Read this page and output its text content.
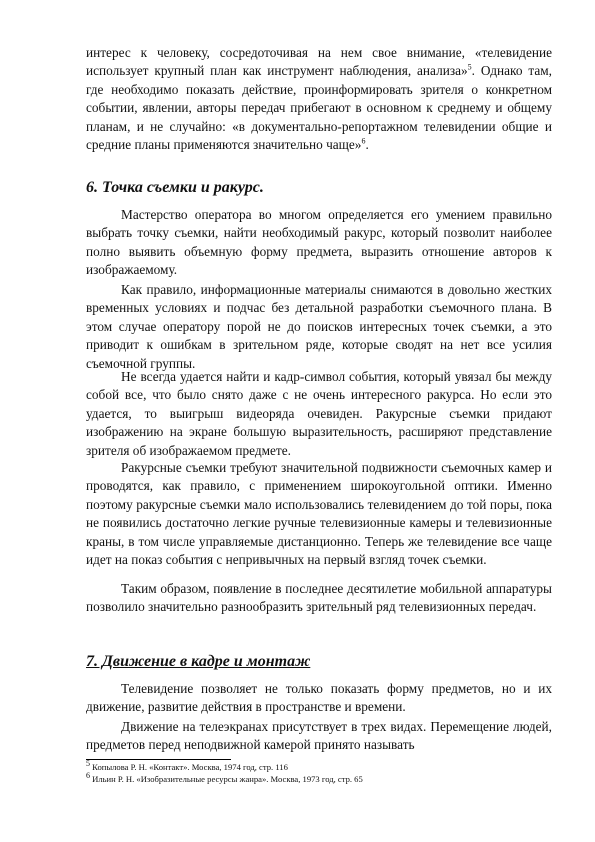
интерес к человеку, сосредоточивая на нем свое внимание, «телевидение использует крупный план как инструмент наблюдения, анализа»$^5$. Однако там, где необходимо показать действие, проинформировать зрителя о конкретном событии, явлении, авторы передач прибегают в основном к среднему и общему планам, и не случайно: «в документально-репортажном телевидении общие и средние планы применяются значительно чаще»$^6$.

6. Точка съемки и ракурс.

Мастерство оператора во многом определяется его умением правильно выбрать точку съемки, найти необходимый ракурс, который позволит наиболее полно выявить объемную форму предмета, выразить отношение авторов к изображаемому.

Как правило, информационные материалы снимаются в довольно жестких временных условиях и подчас без детальной разработки съемочного плана. В этом случае оператору порой не до поисков интересных точек съемки, а это приводит к ошибкам в зрительном ряде, которые сводят на нет все усилия съемочной группы.

Не всегда удается найти и кадр-символ события, который увязал бы между собой все, что было снято даже с не очень интересного ракурса. Но если это удается, то выигрыш видеоряда очевиден. Ракурсные съемки придают изображению на экране большую выразительность, расширяют представление зрителя об изображаемом предмете.

Ракурсные съемки требуют значительной подвижности съемочных камер и проводятся, как правило, с применением широкоугольной оптики. Именно поэтому ракурсные съемки мало использовались телевидением до той поры, пока не появились достаточно легкие ручные телевизионные камеры и телевизионные краны, в том числе управляемые дистанционно. Теперь же телевидение все чаще идет на показ события с непривычных на первый взгляд точек съемки.

Таким образом, появление в последнее десятилетие мобильной аппаратуры позволило значительно разнообразить зрительный ряд телевизионных передач.

7. Движение в кадре и монтаж

Телевидение позволяет не только показать форму предметов, но и их движение, развитие действия в пространстве и времени.

Движение на телеэкранах присутствует в трех видах. Перемещение людей, предметов перед неподвижной камерой принято называть

$^5$ Копылова Р. Н. «Контакт». Москва, 1974 год, стр. 116

$^6$ Ильин Р. Н. «Изобразительные ресурсы жанра». Москва, 1973 год, стр. 65
